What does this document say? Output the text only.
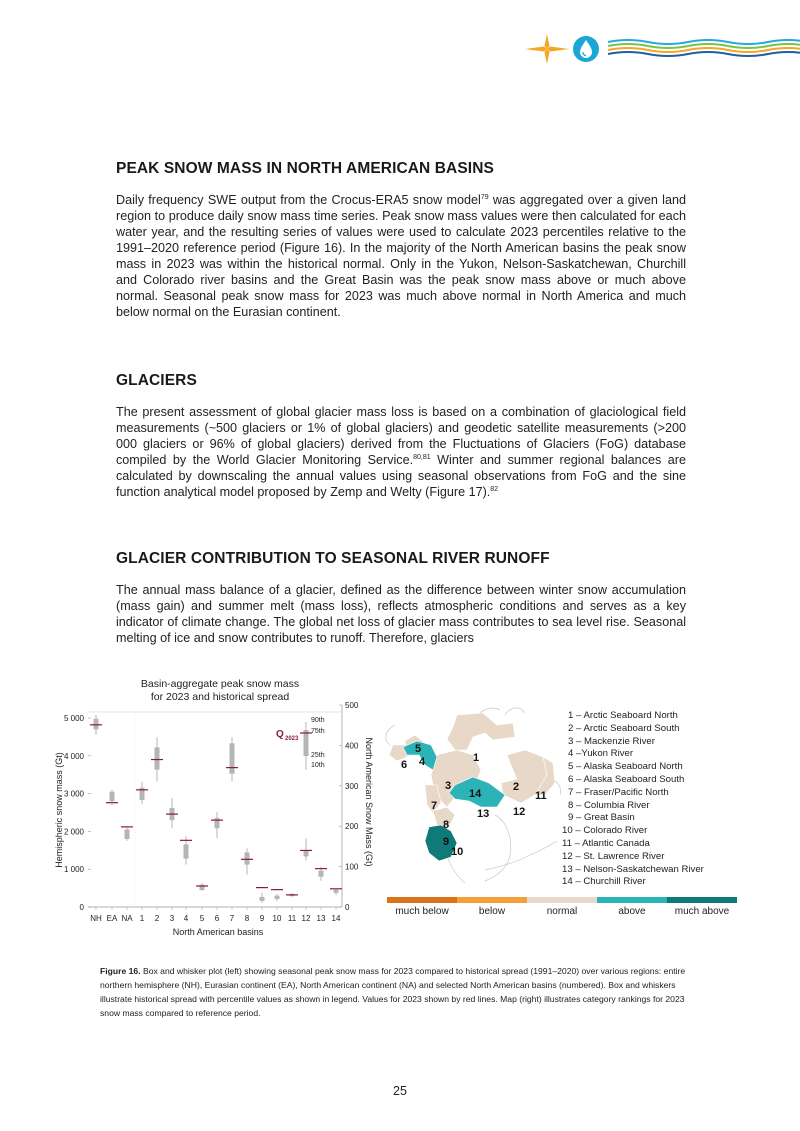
PEAK SNOW MASS IN NORTH AMERICAN BASINS

Daily frequency SWE output from the Crocus-ERA5 snow model$^{79}$ was aggregated over a given land region to produce daily snow mass time series. Peak snow mass values were then calculated for each water year, and the resulting series of values were used to calculate 2023 percentiles relative to the 1991–2020 reference period (Figure 16). In the majority of the North American basins the peak snow mass in 2023 was within the historical normal. Only in the Yukon, Nelson-Saskatchewan, Churchill and Colorado river basins and the Great Basin was the peak snow mass above or much above normal. Seasonal peak snow mass for 2023 was much above normal in North America and much below normal on the Eurasian continent.

GLACIERS

The present assessment of global glacier mass loss is based on a combination of glaciological field measurements (~500 glaciers or 1% of global glaciers) and geodetic satellite measurements (>200 000 glaciers or 96% of global glaciers) derived from the Fluctuations of Glaciers (FoG) database compiled by the World Glacier Monitoring Service.$^{80,81}$ Winter and summer regional balances are calculated by downscaling the annual values using seasonal observations from FoG and the sine function analytical model proposed by Zemp and Welty (Figure 17).$^{82}$

GLACIER CONTRIBUTION TO SEASONAL RIVER RUNOFF

The annual mass balance of a glacier, defined as the difference between winter snow accumulation (mass gain) and summer melt (mass loss), reflects atmospheric conditions and serves as a key indicator of climate change. The global net loss of glacier mass contributes to sea level rise. Seasonal melting of ice and snow contributes to runoff. Therefore, glaciers

Basin-aggregate peak snow mass
for 2023 and historical spread
0
1 000
2 000
3 000
4 000
5 000
0
100
200
300
400
500
NH EA NA 1 2 3 4 5 6 7 8 9 10 11 12 13 14
North American basins
Hemispheric snow mass (Gt)	North American Snow Mass (Gt)
Q 2023
90th
75th
25th
10th
1
2
3
4
5
6
7
8
9
10
11
12
13
14
1 – Arctic Seaboard North
2 – Arctic Seaboard South
3 – Mackenzie River
4 –Yukon River
5 – Alaska Seaboard North
6 – Alaska Seaboard South
7 – Fraser/Pacific North
8 – Columbia River
9 – Great Basin
10 – Colorado River
11 – Atlantic Canada
12 – St. Lawrence River
13 – Nelson-Saskatchewan River
14 – Churchill River
much below	below	normal	above	much above
Figure 16. Box and whisker plot (left) showing seasonal peak snow mass for 2023 compared to historical spread (1991–2020) over various regions: entire northern hemisphere (NH), Eurasian continent (EA), North American continent (NA) and selected North American basins (numbered). Box and whiskers illustrate historical spread with percentile values as shown in legend. Values for 2023 shown by red lines. Map (right) illustrates category rankings for 2023 snow mass compared to reference period.
25
